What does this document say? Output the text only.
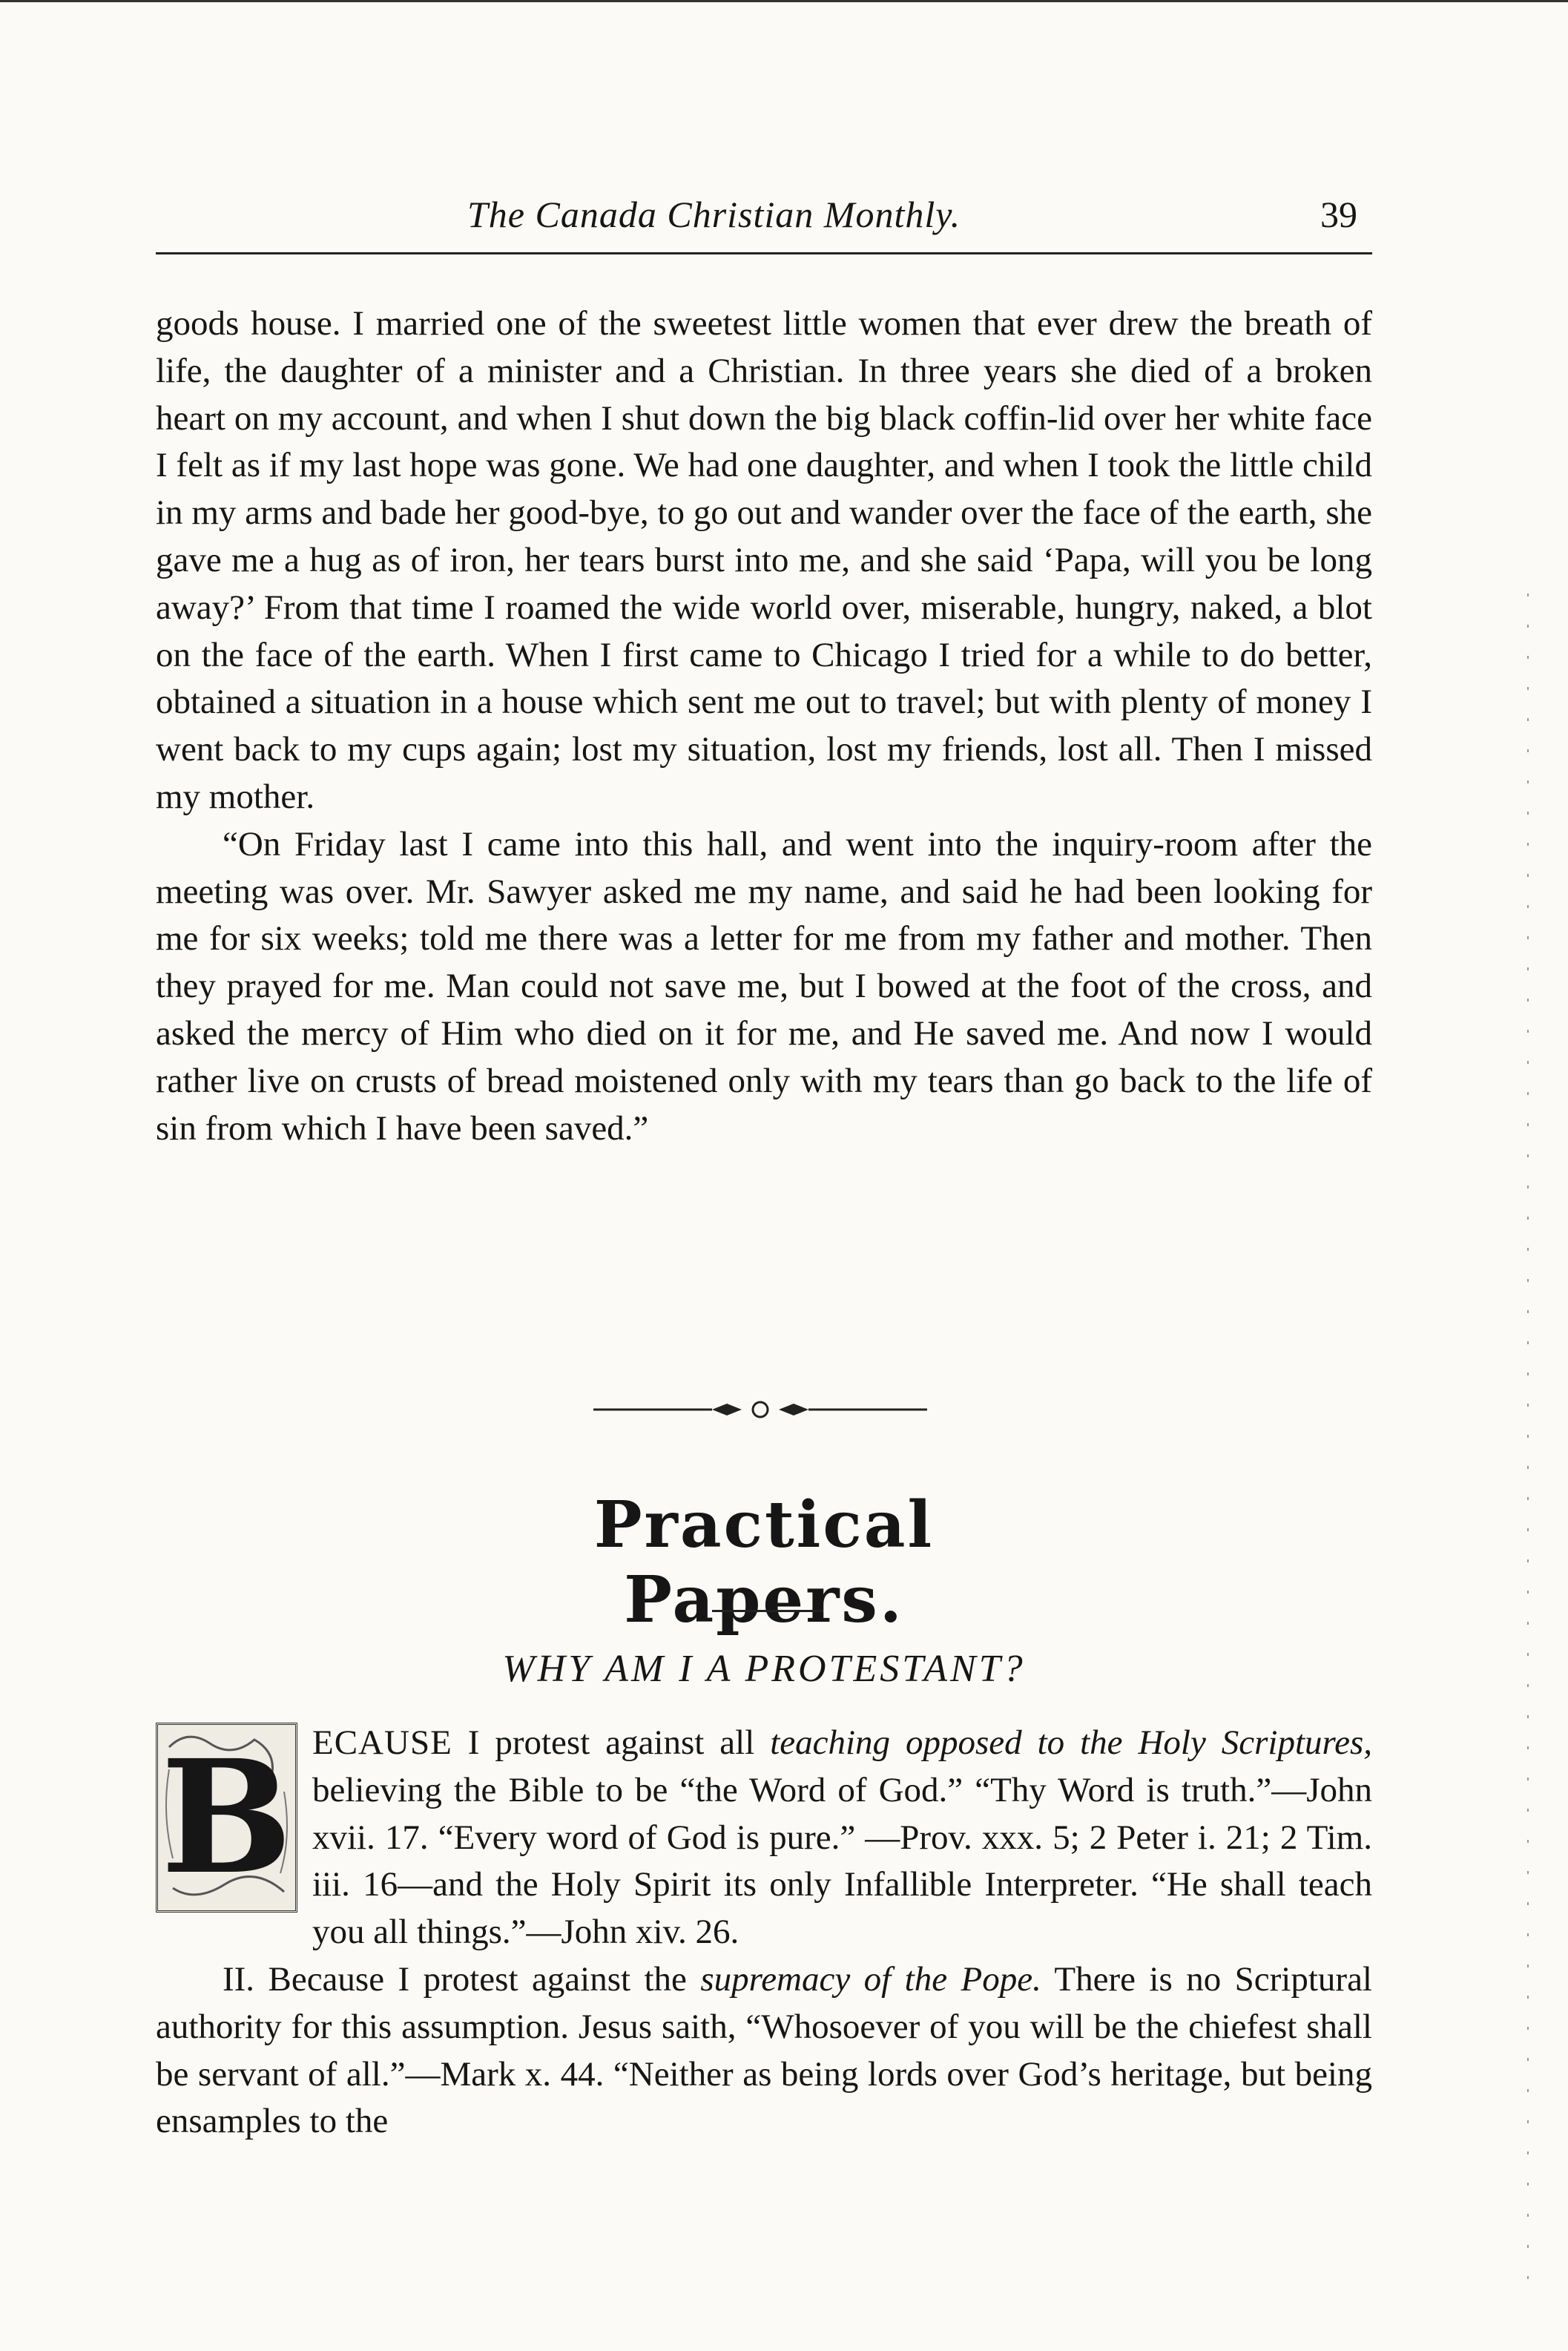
The Canada Christian Monthly.	39

goods house. I married one of the sweetest little women that ever drew the breath of life, the daughter of a minister and a Christian. In three years she died of a broken heart on my account, and when I shut down the big black coffin-lid over her white face I felt as if my last hope was gone. We had one daughter, and when I took the little child in my arms and bade her good-bye, to go out and wander over the face of the earth, she gave me a hug as of iron, her tears burst into me, and she said ‘Papa, will you be long away?’ From that time I roamed the wide world over, miserable, hungry, naked, a blot on the face of the earth. When I first came to Chicago I tried for a while to do better, obtained a situation in a house which sent me out to travel; but with plenty of money I went back to my cups again; lost my situation, lost my friends, lost all. Then I missed my mother.

“On Friday last I came into this hall, and went into the inquiry-room after the meeting was over. Mr. Sawyer asked me my name, and said he had been looking for me for six weeks; told me there was a letter for me from my father and mother. Then they prayed for me. Man could not save me, but I bowed at the foot of the cross, and asked the mercy of Him who died on it for me, and He saved me. And now I would rather live on crusts of bread moistened only with my tears than go back to the life of sin from which I have been saved.”

Practical Papers.
WHY AM I A PROTESTANT?

B ECAUSE I protest against all teaching opposed to the Holy Scriptures, believing the Bible to be “the Word of God.” “Thy Word is truth.”—John xvii. 17. “Every word of God is pure.” —Prov. xxx. 5; 2 Peter i. 21; 2 Tim. iii. 16—and the Holy Spirit its only Infallible Interpreter. “He shall teach you all things.”—John xiv. 26.

II. Because I protest against the supremacy of the Pope. There is no Scriptural authority for this assumption. Jesus saith, “Whosoever of you will be the chiefest shall be servant of all.”—Mark x. 44. “Neither as being lords over God’s heritage, but being ensamples to the
